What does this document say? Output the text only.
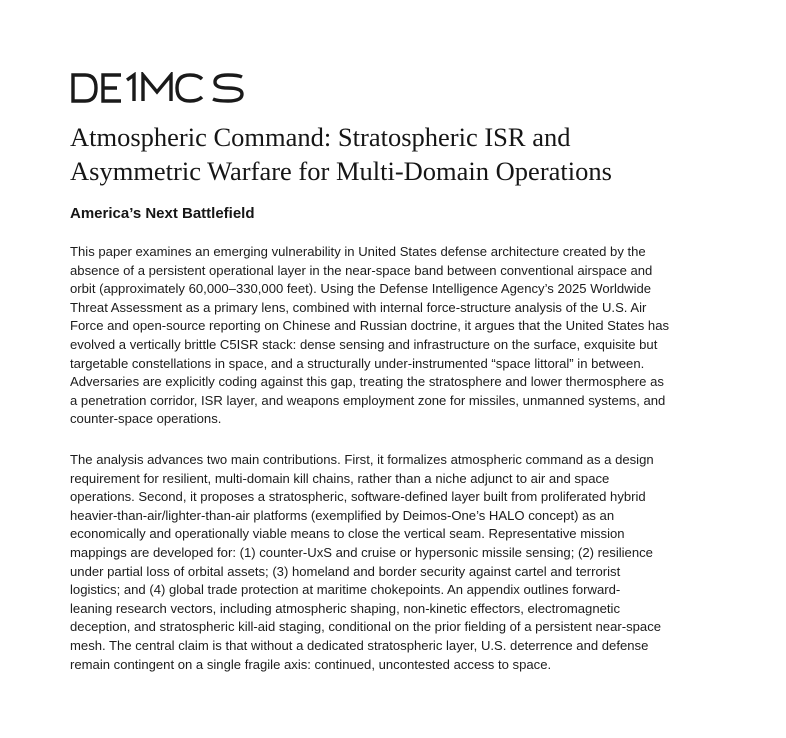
Atmospheric Command: Stratospheric ISR and
Asymmetric Warfare for Multi-Domain Operations
America’s Next Battlefield

This paper examines an emerging vulnerability in United States defense architecture created by the
absence of a persistent operational layer in the near-space band between conventional airspace and
orbit (approximately 60,000–330,000 feet). Using the Defense Intelligence Agency’s 2025 Worldwide
Threat Assessment as a primary lens, combined with internal force-structure analysis of the U.S. Air
Force and open-source reporting on Chinese and Russian doctrine, it argues that the United States has
evolved a vertically brittle C5ISR stack: dense sensing and infrastructure on the surface, exquisite but
targetable constellations in space, and a structurally under-instrumented “space littoral” in between.
Adversaries are explicitly coding against this gap, treating the stratosphere and lower thermosphere as
a penetration corridor, ISR layer, and weapons employment zone for missiles, unmanned systems, and
counter-space operations.

The analysis advances two main contributions. First, it formalizes atmospheric command as a design
requirement for resilient, multi-domain kill chains, rather than a niche adjunct to air and space
operations. Second, it proposes a stratospheric, software-defined layer built from proliferated hybrid
heavier-than-air/lighter-than-air platforms (exemplified by Deimos-One’s HALO concept) as an
economically and operationally viable means to close the vertical seam. Representative mission
mappings are developed for: (1) counter-UxS and cruise or hypersonic missile sensing; (2) resilience
under partial loss of orbital assets; (3) homeland and border security against cartel and terrorist
logistics; and (4) global trade protection at maritime chokepoints. An appendix outlines forward-
leaning research vectors, including atmospheric shaping, non-kinetic effectors, electromagnetic
deception, and stratospheric kill-aid staging, conditional on the prior fielding of a persistent near-space
mesh. The central claim is that without a dedicated stratospheric layer, U.S. deterrence and defense
remain contingent on a single fragile axis: continued, uncontested access to space.
